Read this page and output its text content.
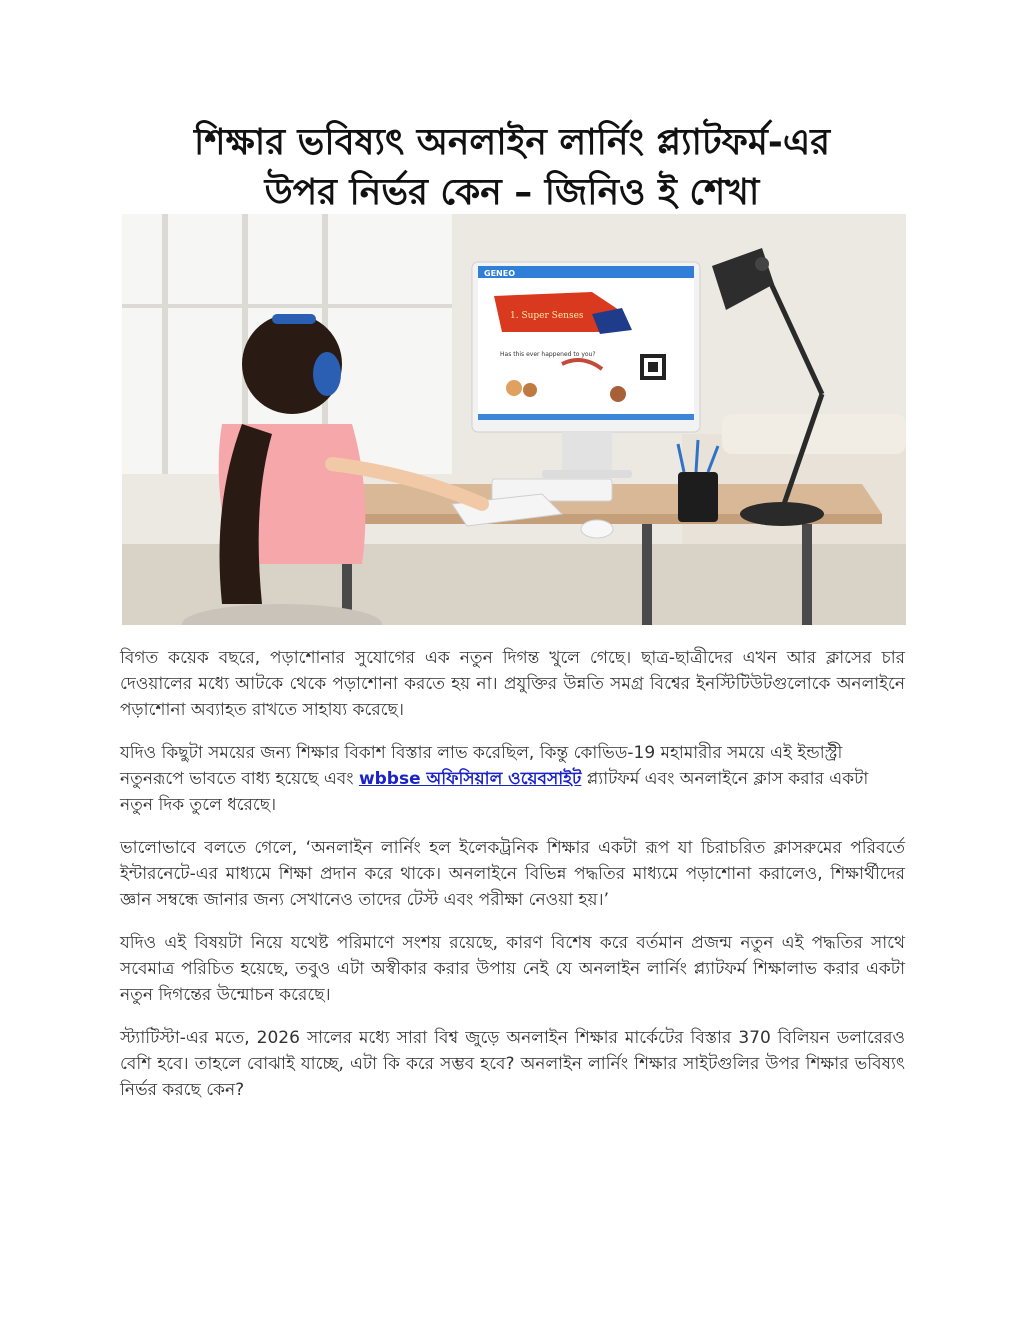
শিক্ষার ভবিষ্যৎ অনলাইন লার্নিং প্ল্যাটফর্ম-এর
উপর নির্ভর কেন – জিনিও ই শেখা
GENEO
1. Super Senses
Has this ever happened to you?

বিগত কয়েক বছরে, পড়াশোনার সুযোগের এক নতুন দিগন্ত খুলে গেছে। ছাত্র-ছাত্রীদের এখন আর ক্লাসের চার দেওয়ালের মধ্যে আটকে থেকে পড়াশোনা করতে হয় না। প্রযুক্তির উন্নতি সমগ্র বিশ্বের ইনস্টিটিউটগুলোকে অনলাইনে পড়াশোনা অব্যাহত রাখতে সাহায্য করেছে।

যদিও কিছুটা সময়ের জন্য শিক্ষার বিকাশ বিস্তার লাভ করেছিল, কিন্তু কোভিড-19 মহামারীর সময়ে এই ইন্ডাস্ট্রী নতুনরূপে ভাবতে বাধ্য হয়েছে এবং wbbse অফিসিয়াল ওয়েবসাইট প্ল্যাটফর্ম এবং অনলাইনে ক্লাস করার একটা নতুন দিক তুলে ধরেছে।

ভালোভাবে বলতে গেলে, ‘অনলাইন লার্নিং হল ইলেকট্রনিক শিক্ষার একটা রূপ যা চিরাচরিত ক্লাসরুমের পরিবর্তে ইন্টারনেটে-এর মাধ্যমে শিক্ষা প্রদান করে থাকে। অনলাইনে বিভিন্ন পদ্ধতির মাধ্যমে পড়াশোনা করালেও, শিক্ষার্থীদের জ্ঞান সম্বন্ধে জানার জন্য সেখানেও তাদের টেস্ট এবং পরীক্ষা নেওয়া হয়।’

যদিও এই বিষয়টা নিয়ে যথেষ্ট পরিমাণে সংশয় রয়েছে, কারণ বিশেষ করে বর্তমান প্রজন্ম নতুন এই পদ্ধতির সাথে সবেমাত্র পরিচিত হয়েছে, তবুও এটা অস্বীকার করার উপায় নেই যে অনলাইন লার্নিং প্ল্যাটফর্ম শিক্ষালাভ করার একটা নতুন দিগন্তের উন্মোচন করেছে।

স্ট্যাটিস্টা-এর মতে, 2026 সালের মধ্যে সারা বিশ্ব জুড়ে অনলাইন শিক্ষার মার্কেটের বিস্তার 370 বিলিয়ন ডলারেরও বেশি হবে। তাহলে বোঝাই যাচ্ছে, এটা কি করে সম্ভব হবে? অনলাইন লার্নিং শিক্ষার সাইটগুলির উপর শিক্ষার ভবিষ্যৎ নির্ভর করছে কেন?
